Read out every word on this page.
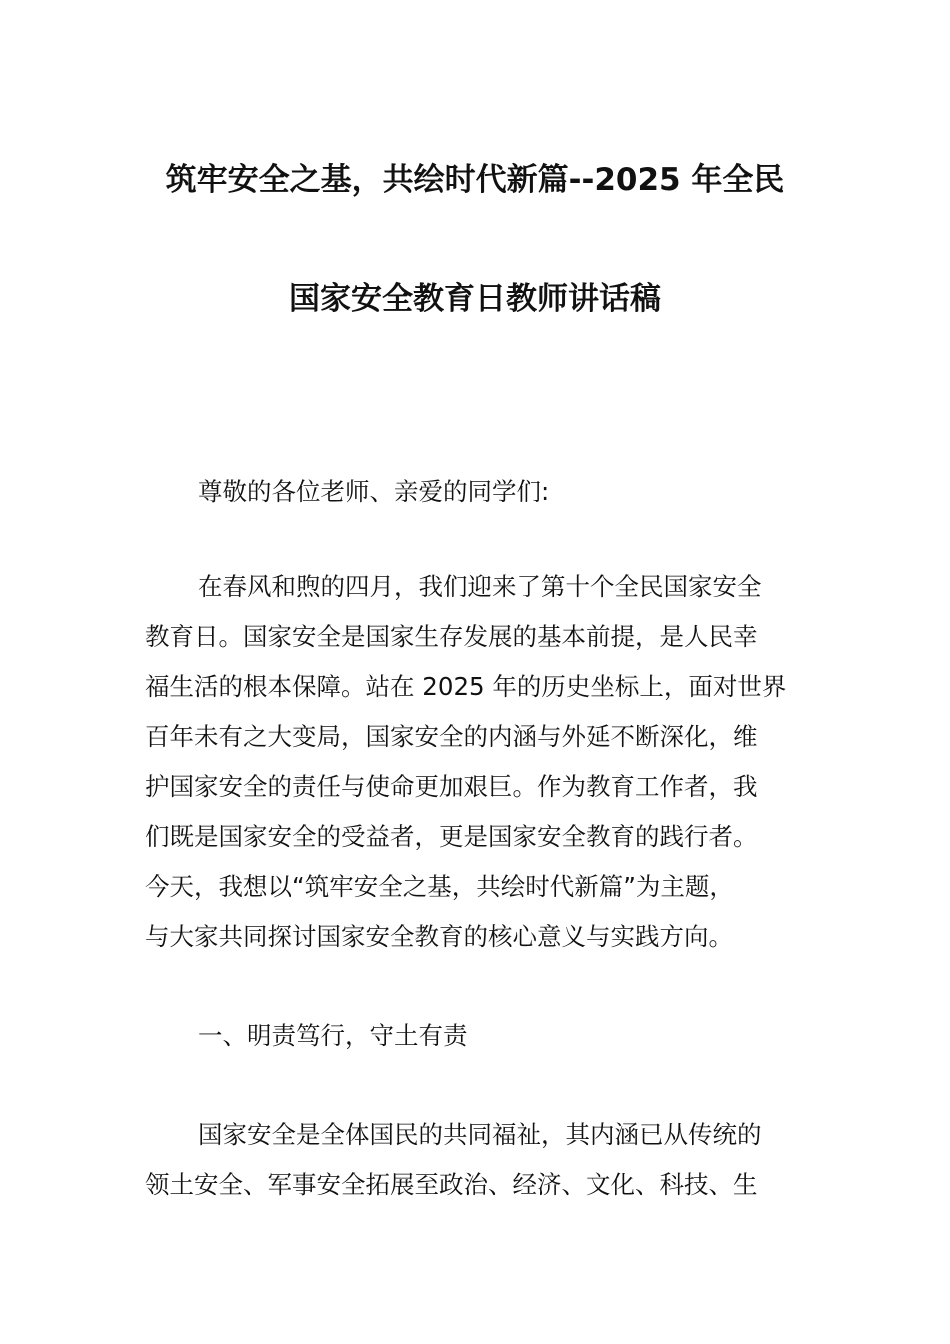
筑牢安全之基，共绘时代新篇--2025 年全民
国家安全教育日教师讲话稿
尊敬的各位老师、亲爱的同学们:
在春风和煦的四月，我们迎来了第十个全民国家安全
教育日。国家安全是国家生存发展的基本前提，是人民幸
福生活的根本保障。站在 2025 年的历史坐标上，面对世界
百年未有之大变局，国家安全的内涵与外延不断深化，维
护国家安全的责任与使命更加艰巨。作为教育工作者，我
们既是国家安全的受益者，更是国家安全教育的践行者。
今天，我想以“筑牢安全之基，共绘时代新篇”为主题，
与大家共同探讨国家安全教育的核心意义与实践方向。
一、明责笃行，守土有责
国家安全是全体国民的共同福祉，其内涵已从传统的
领土安全、军事安全拓展至政治、经济、文化、科技、生
